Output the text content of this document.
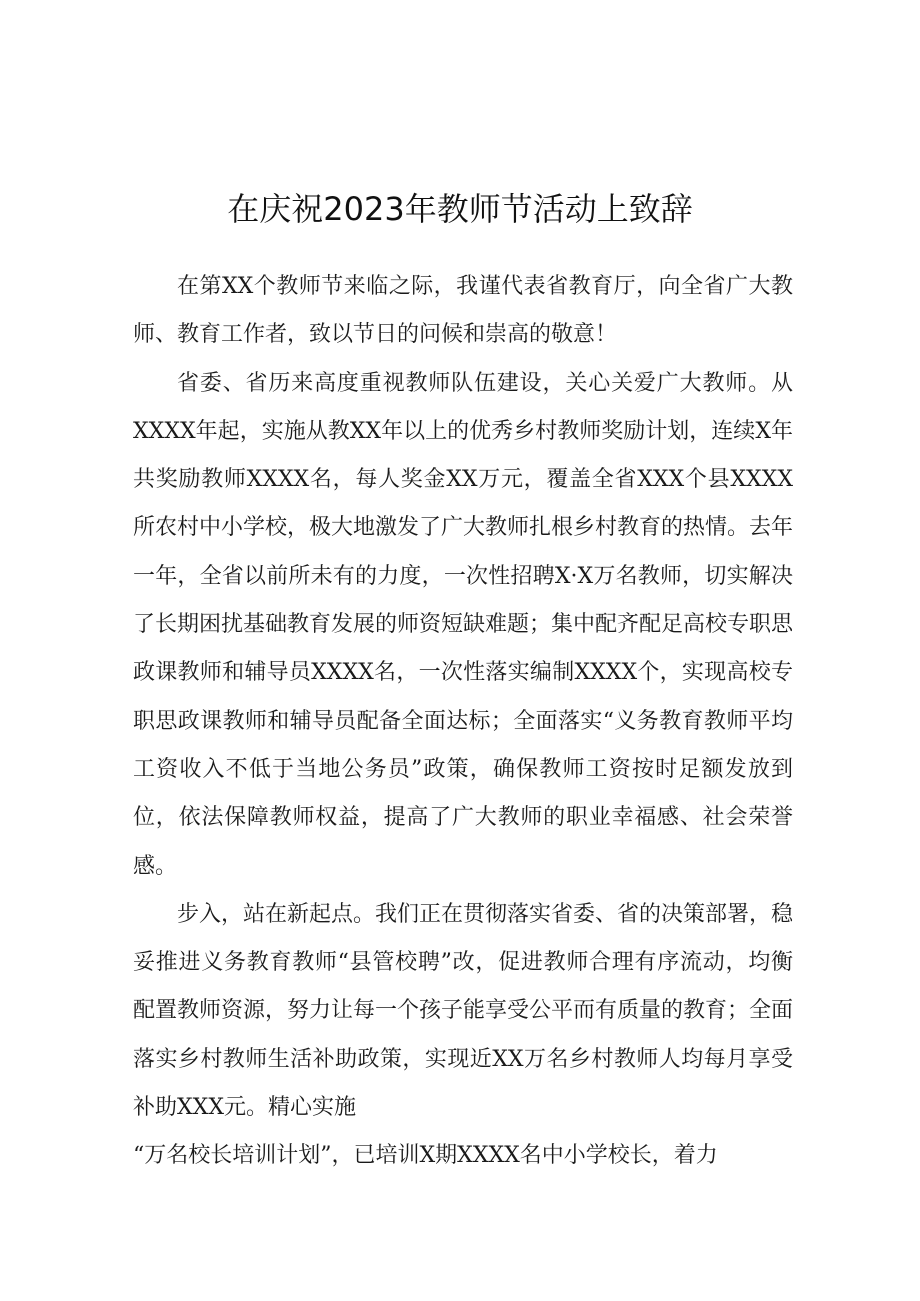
在庆祝2023年教师节活动上致辞

在第XX个教师节来临之际，我谨代表省教育厅，向全省广大教师、教育工作者，致以节日的问候和崇高的敬意！

省委、省历来高度重视教师队伍建设，关心关爱广大教师。从XXXX年起，实施从教XX年以上的优秀乡村教师奖励计划，连续X年共奖励教师XXXX名，每人奖金XX万元，覆盖全省XXX个县XXXX所农村中小学校，极大地激发了广大教师扎根乡村教育的热情。去年一年，全省以前所未有的力度，一次性招聘X·X万名教师，切实解决了长期困扰基础教育发展的师资短缺难题；集中配齐配足高校专职思政课教师和辅导员XXXX名，一次性落实编制XXXX个，实现高校专职思政课教师和辅导员配备全面达标；全面落实“义务教育教师平均工资收入不低于当地公务员”政策，确保教师工资按时足额发放到位，依法保障教师权益，提高了广大教师的职业幸福感、社会荣誉感。

步入，站在新起点。我们正在贯彻落实省委、省的决策部署，稳妥推进义务教育教师“县管校聘”改，促进教师合理有序流动，均衡配置教师资源，努力让每一个孩子能享受公平而有质量的教育；全面落实乡村教师生活补助政策，实现近XX万名乡村教师人均每月享受补助XXX元。精心实施

“万名校长培训计划”，已培训X期XXXX名中小学校长，着力
